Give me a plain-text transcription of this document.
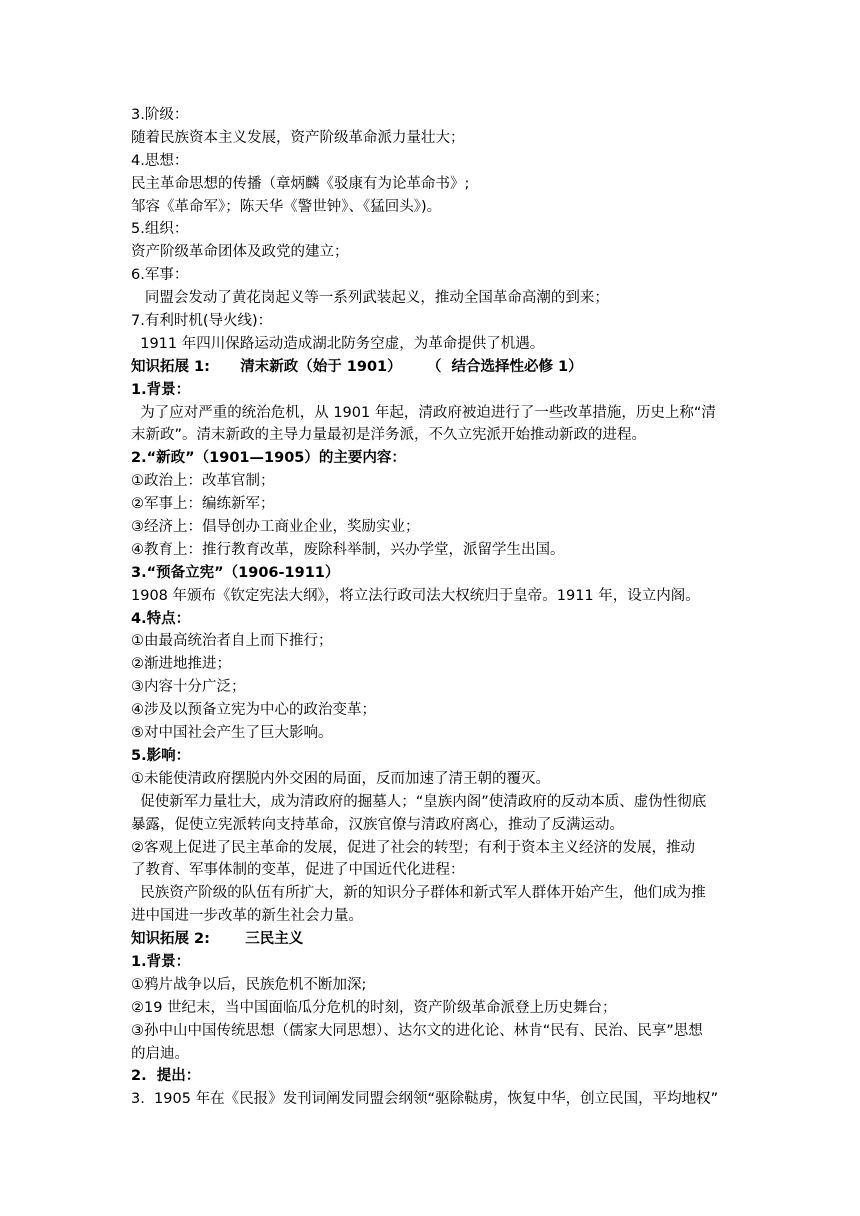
3.阶级：
随着民族资本主义发展，资产阶级革命派力量壮大；
4.思想：
民主革命思想的传播（章炳麟《驳康有为论革命书》;
邹容《革命军》；陈天华《警世钟》、《猛回头》)。
5.组织：
资产阶级革命团体及政党的建立；
6.军事：
同盟会发动了黄花岗起义等一系列武装起义，推动全国革命高潮的到来；
7.有利时机(导火线)：
1911 年四川保路运动造成湖北防务空虚，为革命提供了机遇。
知识拓展 1:      清末新政（始于 1901）     （  结合选择性必修 1）
1.背景：
为了应对严重的统治危机，从 1901 年起，清政府被迫进行了一些改革措施，历史上称“清
末新政”。清末新政的主导力量最初是洋务派，不久立宪派开始推动新政的进程。
2.“新政”（1901—1905）的主要内容：
①政治上：改革官制；
②军事上：编练新军；
③经济上：倡导创办工商业企业，奖励实业；
④教育上：推行教育改革，废除科举制，兴办学堂，派留学生出国。
3.“预备立宪”（1906-1911）
1908 年颁布《钦定宪法大纲》，将立法行政司法大权统归于皇帝。1911 年，设立内阁。
4.特点：
①由最高统治者自上而下推行；
②渐进地推进；
③内容十分广泛；
④涉及以预备立宪为中心的政治变革；
⑤对中国社会产生了巨大影响。
5.影响：
①未能使清政府摆脱内外交困的局面，反而加速了清王朝的覆灭。
促使新军力量壮大，成为清政府的掘墓人；“皇族内阁”使清政府的反动本质、虚伪性彻底
暴露，促使立宪派转向支持革命，汉族官僚与清政府离心，推动了反满运动。
②客观上促进了民主革命的发展，促进了社会的转型；有利于资本主义经济的发展，推动
了教育、军事体制的变革，促进了中国近代化进程：
民族资产阶级的队伍有所扩大，新的知识分子群体和新式军人群体开始产生，他们成为推
进中国进一步改革的新生社会力量。
知识拓展 2:       三民主义
1.背景：
①鸦片战争以后，民族危机不断加深;
②19 世纪末，当中国面临瓜分危机的时刻，资产阶级革命派登上历史舞台；
③孙中山中国传统思想（儒家大同思想）、达尔文的进化论、林肯“民有、民治、民享”思想
的启迪。
2.  提出：
3.  1905 年在《民报》发刊词阐发同盟会纲领“驱除鞑虏，恢复中华，创立民国，平均地权”
